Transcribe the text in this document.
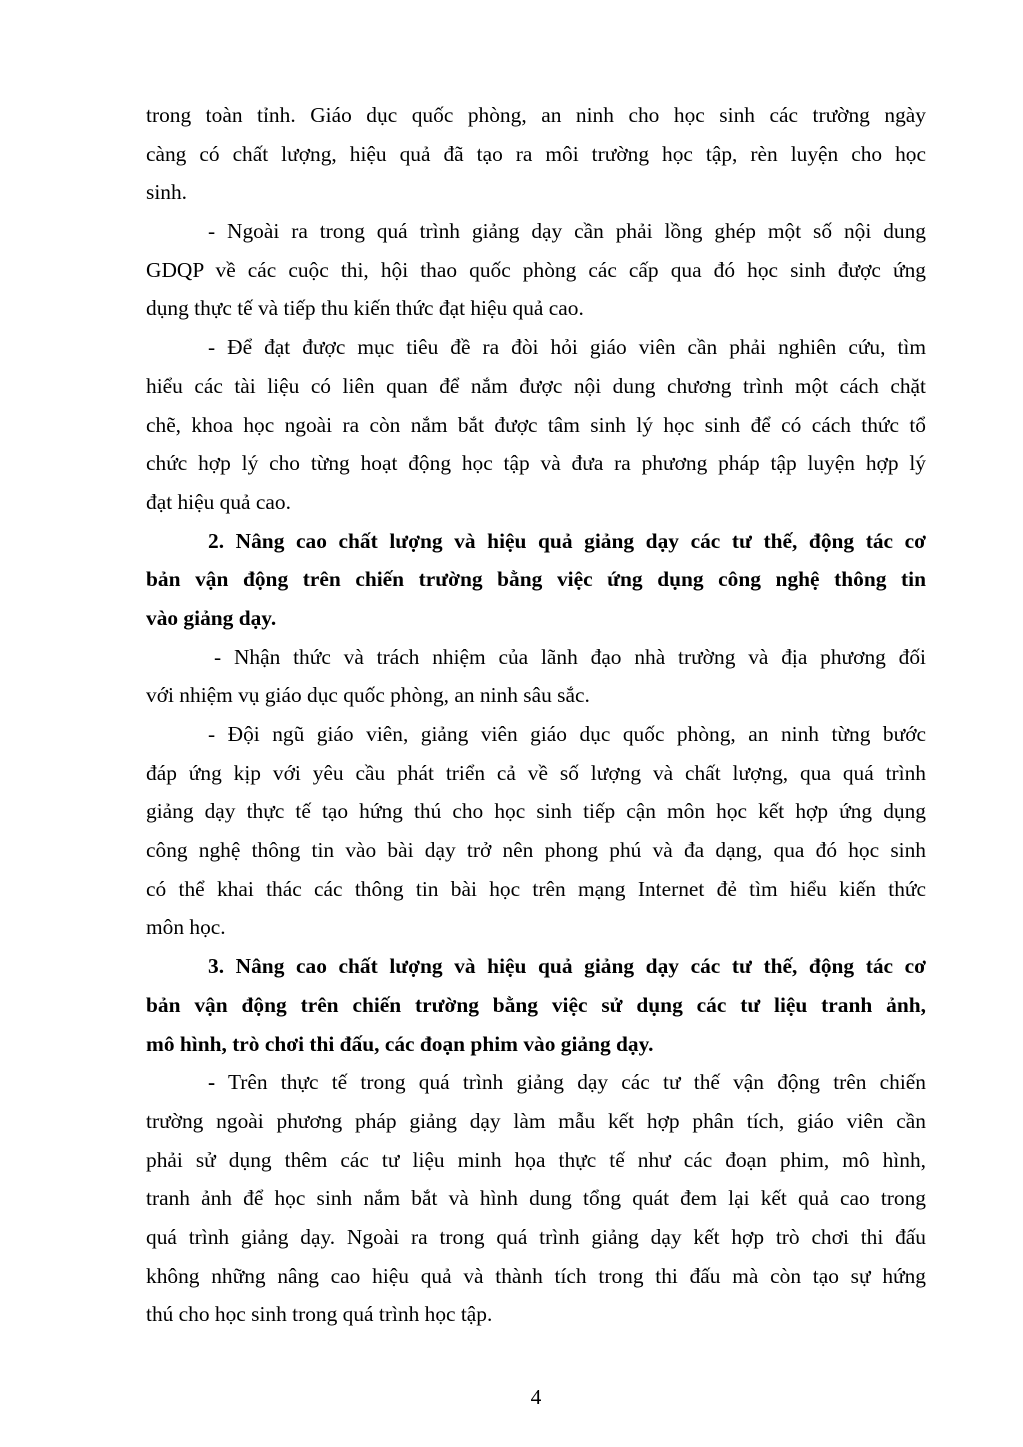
trong toàn tỉnh. Giáo dục quốc phòng, an ninh cho học sinh các trường ngày
càng có chất lượng, hiệu quả đã tạo ra môi trường học tập, rèn luyện cho học
sinh.
- Ngoài ra trong quá trình giảng dạy cần phải lồng ghép một số nội dung
GDQP về các cuộc thi, hội thao quốc phòng các cấp qua đó học sinh được ứng
dụng thực tế và tiếp thu kiến thức đạt hiệu quả cao.
- Để đạt được mục tiêu đề ra đòi hỏi giáo viên cần phải nghiên cứu, tìm
hiểu các tài liệu có liên quan để nắm được nội dung chương trình một cách chặt
chẽ, khoa học ngoài ra còn nắm bắt được tâm sinh lý học sinh để có cách thức tổ
chức hợp lý cho từng hoạt động học tập và đưa ra phương pháp tập luyện hợp lý
đạt hiệu quả cao.
2. Nâng cao chất lượng và hiệu quả giảng dạy các tư thế, động tác cơ
bản vận động trên chiến trường bằng việc ứng dụng công nghệ thông tin
vào giảng dạy.
- Nhận thức và trách nhiệm của lãnh đạo nhà trường và địa phương đối
với nhiệm vụ giáo dục quốc phòng, an ninh sâu sắc.
- Đội ngũ giáo viên, giảng viên giáo dục quốc phòng, an ninh từng bước
đáp ứng kịp với yêu cầu phát triển cả về số lượng và chất lượng, qua quá trình
giảng dạy thực tế tạo hứng thú cho học sinh tiếp cận môn học kết hợp ứng dụng
công nghệ thông tin vào bài dạy trở nên phong phú và đa dạng, qua đó học sinh
có thể khai thác các thông tin bài học trên mạng Internet đẻ tìm hiểu kiến thức
môn học.
3. Nâng cao chất lượng và hiệu quả giảng dạy các tư thế, động tác cơ
bản vận động trên chiến trường bằng việc sử dụng các tư liệu tranh ảnh,
mô hình, trò chơi thi đấu, các đoạn phim vào giảng dạy.
- Trên thực tế trong quá trình giảng dạy các tư thế vận động trên chiến
trường ngoài phương pháp giảng dạy làm mẫu kết hợp phân tích, giáo viên cần
phải sử dụng thêm các tư liệu minh họa thực tế như các đoạn phim, mô hình,
tranh ảnh để học sinh nắm bắt và hình dung tổng quát đem lại kết quả cao trong
quá trình giảng dạy. Ngoài ra trong quá trình giảng dạy kết hợp trò chơi thi đấu
không những nâng cao hiệu quả và thành tích trong thi đấu mà còn tạo sự hứng
thú cho học sinh trong quá trình học tập.
4
